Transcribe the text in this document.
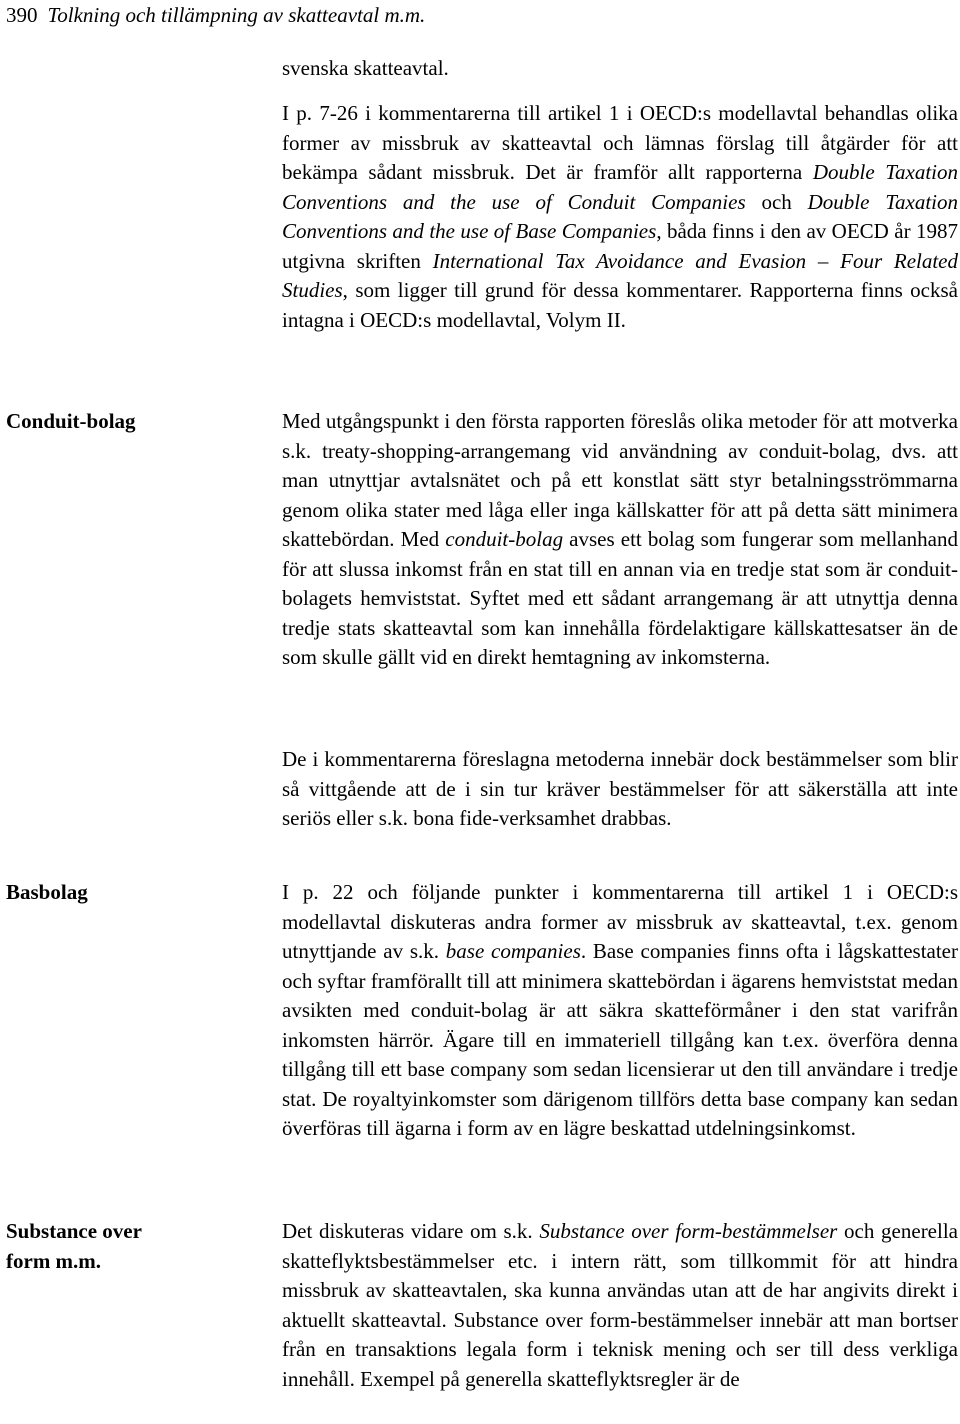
390 Tolkning och tillämpning av skatteavtal m.m.
Conduit-bolag
Basbolag
Substance over
form m.m.

svenska skatteavtal.

I p. 7-26 i kommentarerna till artikel 1 i OECD:s modellavtal behandlas olika former av missbruk av skatteavtal och lämnas förslag till åtgärder för att bekämpa sådant missbruk. Det är framför allt rapporterna Double Taxation Conventions and the use of Conduit Companies och Double Taxation Conventions and the use of Base Companies, båda finns i den av OECD år 1987 utgivna skriften International Tax Avoidance and Evasion – Four Related Studies, som ligger till grund för dessa kommentarer. Rapporterna finns också intagna i OECD:s modellavtal, Volym II.

Med utgångspunkt i den första rapporten föreslås olika metoder för att motverka s.k. treaty-shopping-arrangemang vid användning av conduit-bolag, dvs. att man utnyttjar avtalsnätet och på ett konstlat sätt styr betalningsströmmarna genom olika stater med låga eller inga källskatter för att på detta sätt minimera skattebördan. Med conduit-bolag avses ett bolag som fungerar som mellanhand för att slussa inkomst från en stat till en annan via en tredje stat som är conduit-bolagets hemviststat. Syftet med ett sådant arrangemang är att utnyttja denna tredje stats skatteavtal som kan innehålla fördelaktigare källskattesatser än de som skulle gällt vid en direkt hemtagning av inkomsterna.

De i kommentarerna föreslagna metoderna innebär dock bestämmelser som blir så vittgående att de i sin tur kräver bestämmelser för att säkerställa att inte seriös eller s.k. bona fide-verksamhet drabbas.

I p. 22 och följande punkter i kommentarerna till artikel 1 i OECD:s modellavtal diskuteras andra former av missbruk av skatteavtal, t.ex. genom utnyttjande av s.k. base companies. Base companies finns ofta i lågskattestater och syftar framförallt till att minimera skattebördan i ägarens hemviststat medan avsikten med conduit-bolag är att säkra skatteförmåner i den stat varifrån inkomsten härrör. Ägare till en immateriell tillgång kan t.ex. överföra denna tillgång till ett base company som sedan licensierar ut den till användare i tredje stat. De royaltyinkomster som därigenom tillförs detta base company kan sedan överföras till ägarna i form av en lägre beskattad utdelningsinkomst.

Det diskuteras vidare om s.k. Substance over form-bestämmelser och generella skatteflyktsbestämmelser etc. i intern rätt, som tillkommit för att hindra missbruk av skatteavtalen, ska kunna användas utan att de har angivits direkt i aktuellt skatteavtal. Substance over form-bestämmelser innebär att man bortser från en transaktions legala form i teknisk mening och ser till dess verkliga innehåll. Exempel på generella skatteflyktsregler är de
